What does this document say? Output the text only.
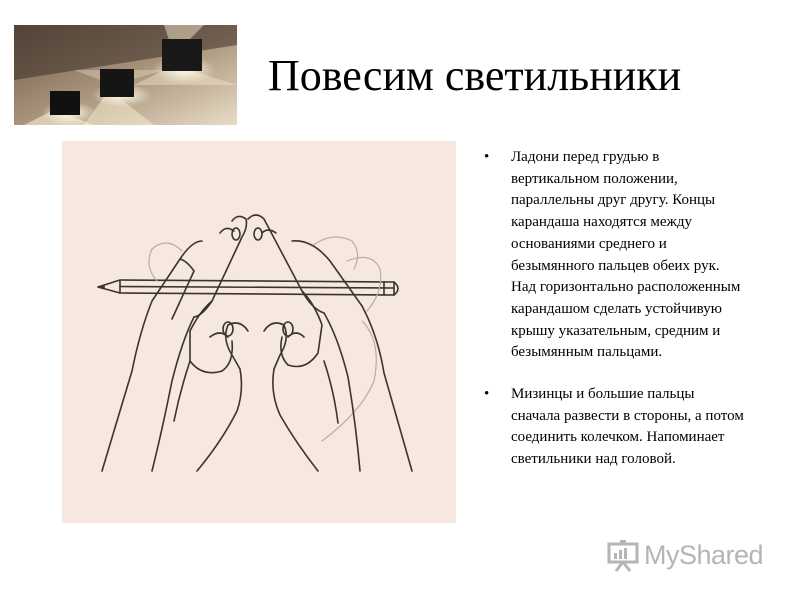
Повесим светильники
• Ладони перед грудью в вертикальном положении, параллельны друг другу. Концы карандаша находятся между основаниями среднего и безымянного пальцев обеих рук. Над горизонтально расположенным карандашом сделать устойчивую крышу указательным, средним и безымянным пальцами.
• Мизинцы и большие пальцы сначала развести в стороны, а потом соединить колечком. Напоминает светильники над головой.
MyShared
